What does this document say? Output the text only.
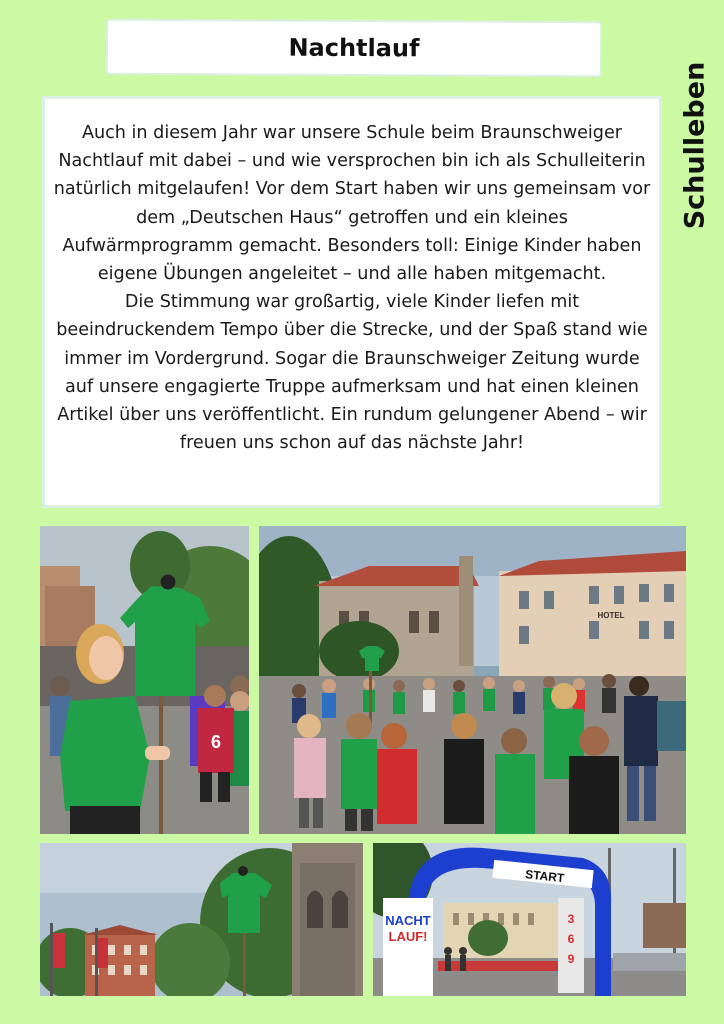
Nachtlauf
Schulleben

Auch in diesem Jahr war unsere Schule beim Braunschweiger Nachtlauf mit dabei – und wie versprochen bin ich als Schulleiterin natürlich mitgelaufen! Vor dem Start haben wir uns gemeinsam vor dem „Deutschen Haus“ getroffen und ein kleines Aufwärmprogramm gemacht. Besonders toll: Einige Kinder haben eigene Übungen angeleitet – und alle haben mitgemacht.

Die Stimmung war großartig, viele Kinder liefen mit beeindruckendem Tempo über die Strecke, und der Spaß stand wie immer im Vordergrund. Sogar die Braunschweiger Zeitung wurde auf unsere engagierte Truppe aufmerksam und hat einen kleinen Artikel über uns veröffentlicht. Ein rundum gelungener Abend – wir freuen uns schon auf das nächste Jahr!

6
HOTEL
START
NACHT
LAUF!
3
6
9
